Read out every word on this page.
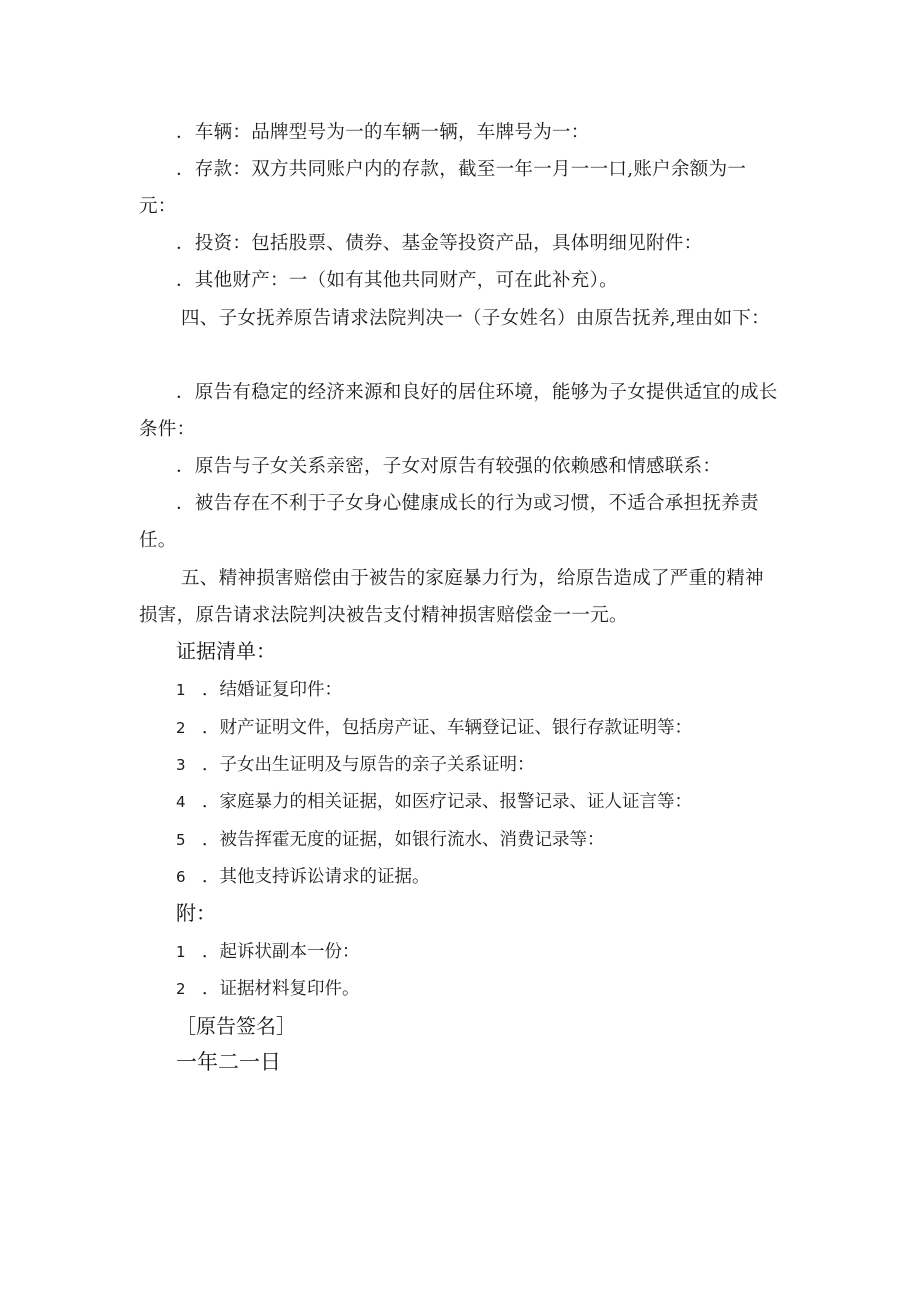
．车辆：品牌型号为一的车辆一辆，车牌号为一：

．存款：双方共同账户内的存款，截至一年一月一一口,账户余额为一元：

．投资：包括股票、债券、基金等投资产品，具体明细见附件：

．其他财产：一（如有其他共同财产，可在此补充）。

四、子女抚养原告请求法院判决一（子女姓名）由原告抚养,理由如下：

．原告有稳定的经济来源和良好的居住环境，能够为子女提供适宜的成长条件：

．原告与子女关系亲密，子女对原告有较强的依赖感和情感联系：

．被告存在不利于子女身心健康成长的行为或习惯，不适合承担抚养责任。

五、精神损害赔偿由于被告的家庭暴力行为，给原告造成了严重的精神损害，原告请求法院判决被告支付精神损害赔偿金一一元。

证据清单：

1 ．结婚证复印件：

2 ．财产证明文件，包括房产证、车辆登记证、银行存款证明等：

3 ．子女出生证明及与原告的亲子关系证明：

4 ．家庭暴力的相关证据，如医疗记录、报警记录、证人证言等：

5 ．被告挥霍无度的证据，如银行流水、消费记录等：

6 ．其他支持诉讼请求的证据。

附：

1 ．起诉状副本一份：

2 ．证据材料复印件。

［原告签名］

一年二一日
